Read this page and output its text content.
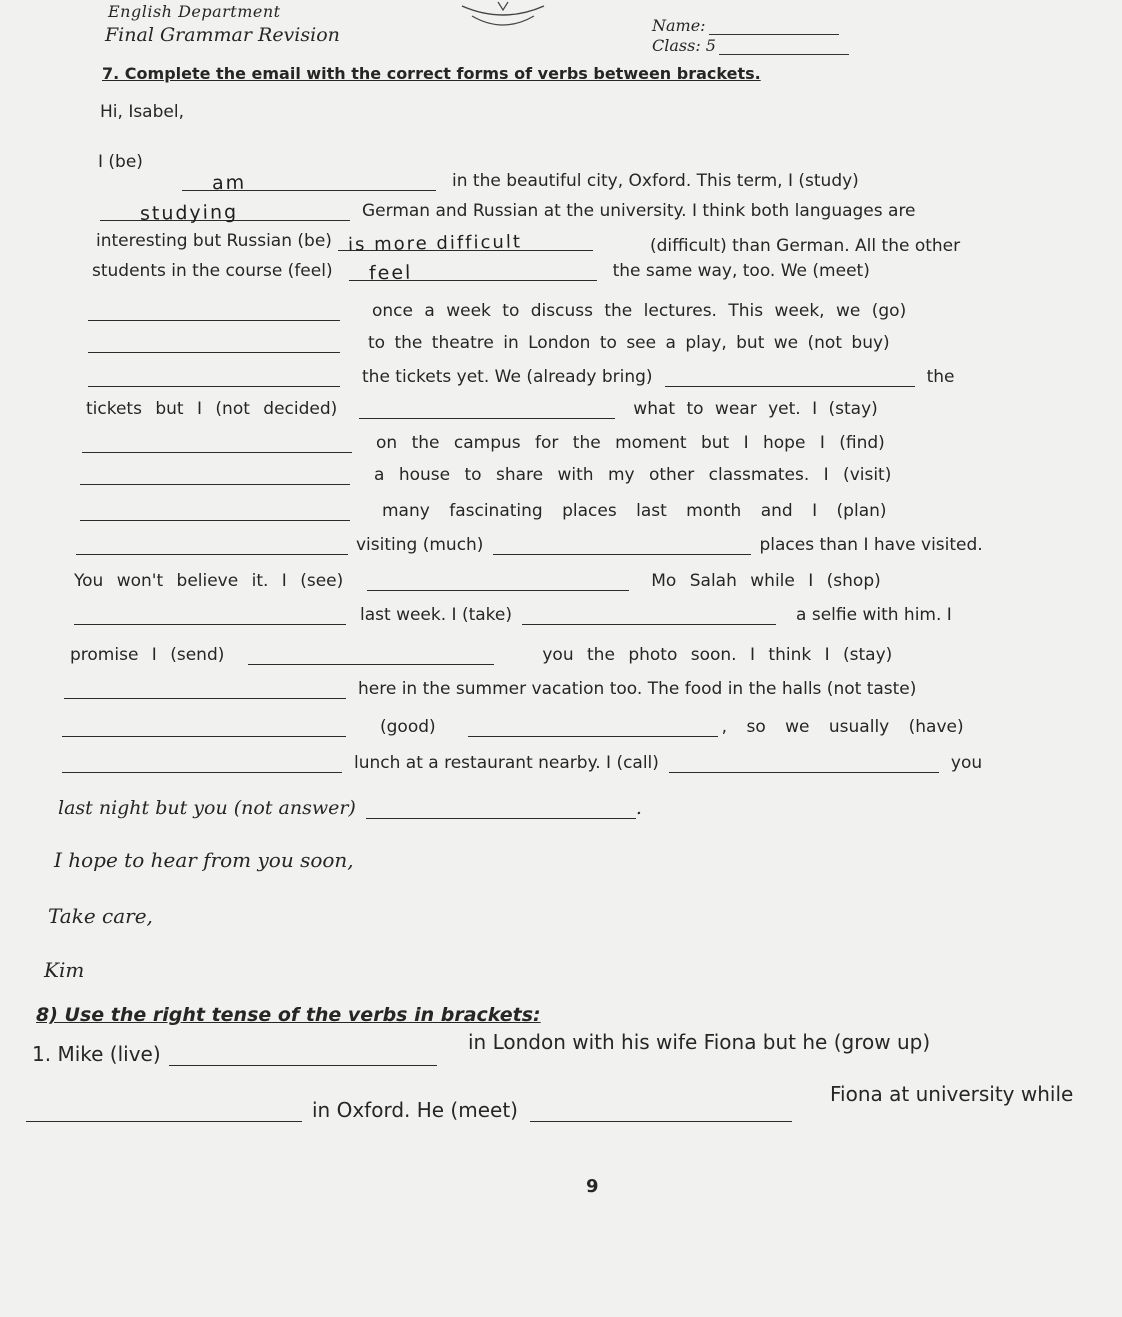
English Department
Final Grammar Revision	Name:
Class: 5
7. Complete the email with the correct forms of verbs between brackets.
Hi, Isabel,
I (be)
am	in the beautiful city, Oxford. This term, I (study)
studying	German and Russian at the university. I think both languages are
interesting but Russian (be) is more difficult	(difficult) than German. All the other
students in the course (feel) feel	the same way, too. We (meet)
once a week to discuss the lectures. This week, we (go)
to the theatre in London to see a play, but we (not buy)
the tickets yet. We (already bring)	the
tickets but I (not decided)	what to wear yet. I (stay)
on the campus for the moment but I hope I (find)
a house to share with my other classmates. I (visit)
many fascinating places last month and I (plan)
visiting (much)	places than I have visited.
You won't believe it. I (see)	Mo Salah while I (shop)
last week. I (take)	a selfie with him. I
promise I (send)	you the photo soon. I think I (stay)
here in the summer vacation too. The food in the halls (not taste)
(good)	, so we usually (have)
lunch at a restaurant nearby. I (call)	you
last night but you (not answer)	.
I hope to hear from you soon,
Take care,
Kim
8) Use the right tense of the verbs in brackets:
1. Mike (live)	in London with his wife Fiona but he (grow up)
in Oxford. He (meet)
Fiona at university while
9
